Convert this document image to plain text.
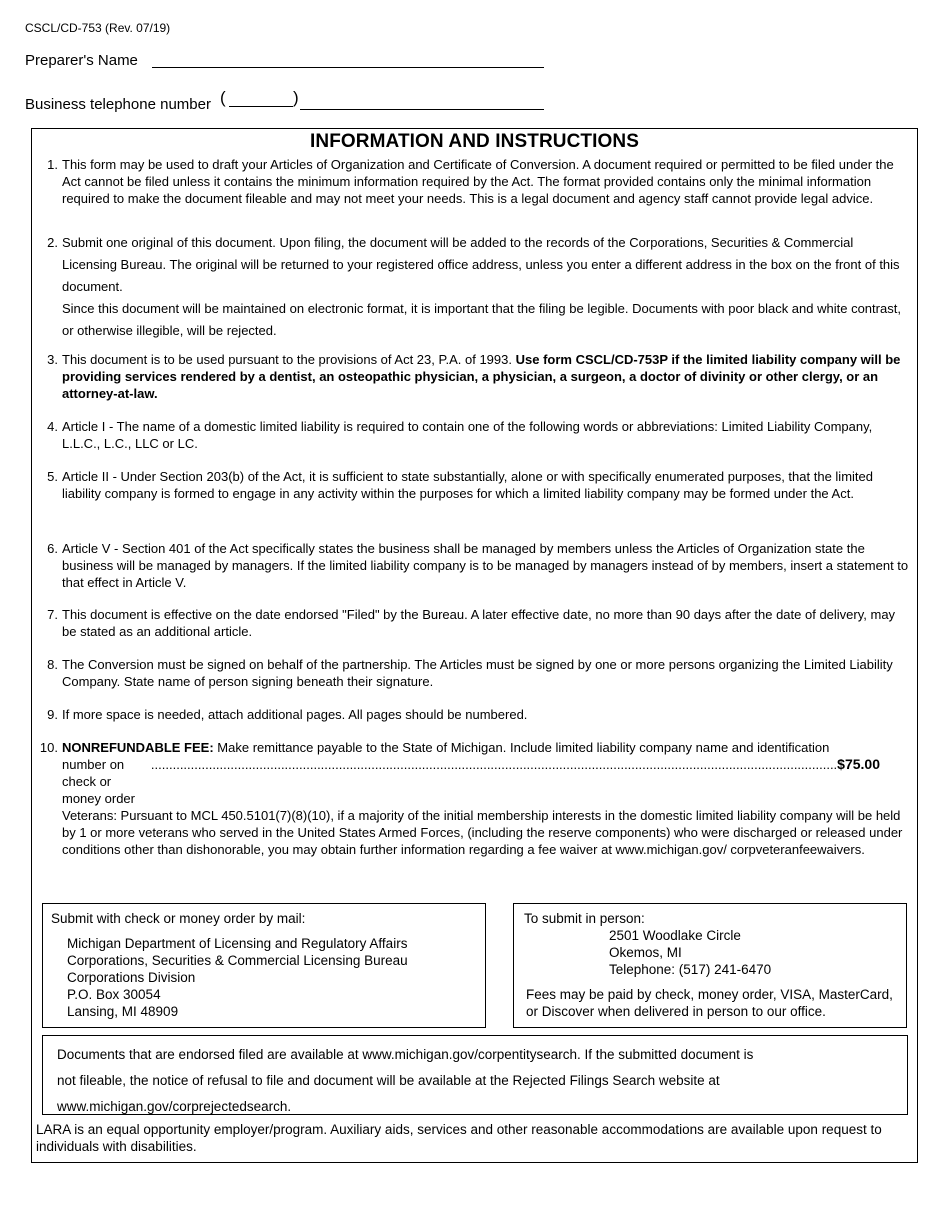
CSCL/CD-753 (Rev. 07/19)
Preparer's Name
Business telephone number (	)
INFORMATION AND INSTRUCTIONS
1. This form may be used to draft your Articles of Organization and Certificate of Conversion. A document required or permitted to be filed under the Act cannot be filed unless it contains the minimum information required by the Act. The format provided contains only the minimal information required to make the document fileable and may not meet your needs. This is a legal document and agency staff cannot provide legal advice.
2. Submit one original of this document. Upon filing, the document will be added to the records of the Corporations, Securities & Commercial Licensing Bureau. The original will be returned to your registered office address, unless you enter a different address in the box on the front of this document.
Since this document will be maintained on electronic format, it is important that the filing be legible. Documents with poor black and white contrast, or otherwise illegible, will be rejected.
3. This document is to be used pursuant to the provisions of Act 23, P.A. of 1993. Use form CSCL/CD-753P if the limited liability company will be providing services rendered by a dentist, an osteopathic physician, a physician, a surgeon, a doctor of divinity or other clergy, or an attorney-at-law.
4. Article I - The name of a domestic limited liability is required to contain one of the following words or abbreviations: Limited Liability Company, L.L.C., L.C., LLC or LC.
5. Article II - Under Section 203(b) of the Act, it is sufficient to state substantially, alone or with specifically enumerated purposes, that the limited liability company is formed to engage in any activity within the purposes for which a limited liability company may be formed under the Act.
6. Article V - Section 401 of the Act specifically states the business shall be managed by members unless the Articles of Organization state the business will be managed by managers. If the limited liability company is to be managed by managers instead of by members, insert a statement to that effect in Article V.
7. This document is effective on the date endorsed "Filed" by the Bureau. A later effective date, no more than 90 days after the date of delivery, may be stated as an additional article.
8. The Conversion must be signed on behalf of the partnership. The Articles must be signed by one or more persons organizing the Limited Liability Company. State name of person signing beneath their signature.
9. If more space is needed, attach additional pages. All pages should be numbered.
10. NONREFUNDABLE FEE: Make remittance payable to the State of Michigan. Include limited liability company name and identification
number on check or money order
.............................................................................................................................................................................................. $75.00
Veterans: Pursuant to MCL 450.5101(7)(8)(10), if a majority of the initial membership interests in the domestic limited liability company will be held by 1 or more veterans who served in the United States Armed Forces, (including the reserve components) who were discharged or released under conditions other than dishonorable, you may obtain further information regarding a fee waiver at www.michigan.gov/ corpveteranfeewaivers.
Submit with check or money order by mail:
Michigan Department of Licensing and Regulatory Affairs
Corporations, Securities & Commercial Licensing Bureau
Corporations Division
P.O. Box 30054
Lansing, MI 48909
To submit in person:
2501 Woodlake Circle
Okemos, MI
Telephone: (517) 241-6470
Fees may be paid by check, money order, VISA, MasterCard, or Discover when delivered in person to our office.
Documents that are endorsed filed are available at www.michigan.gov/corpentitysearch. If the submitted document is
not fileable, the notice of refusal to file and document will be available at the Rejected Filings Search website at
www.michigan.gov/corprejectedsearch.
LARA is an equal opportunity employer/program. Auxiliary aids, services and other reasonable accommodations are available upon request to individuals with disabilities.
